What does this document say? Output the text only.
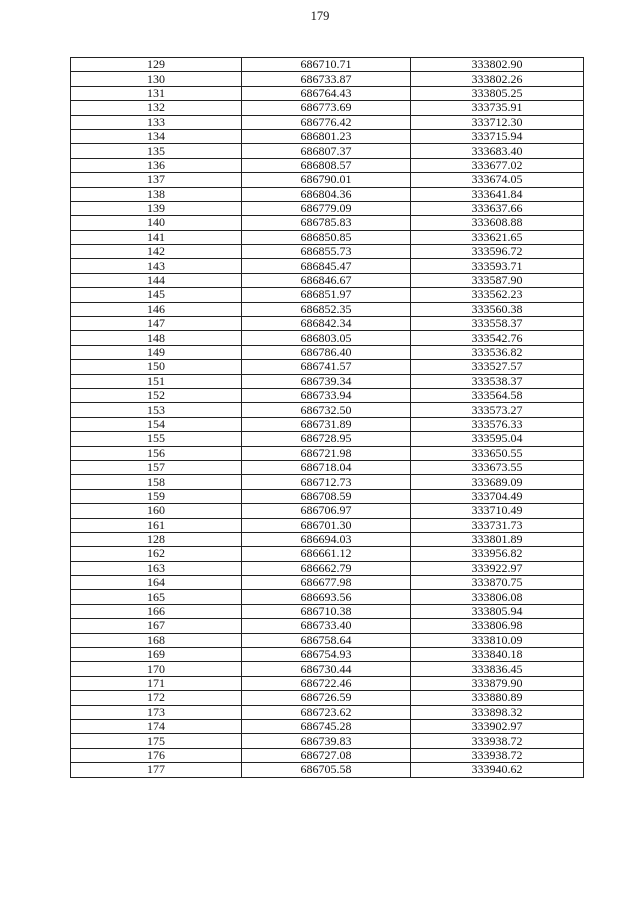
179
129	686710.71	333802.90
130	686733.87	333802.26
131	686764.43	333805.25
132	686773.69	333735.91
133	686776.42	333712.30
134	686801.23	333715.94
135	686807.37	333683.40
136	686808.57	333677.02
137	686790.01	333674.05
138	686804.36	333641.84
139	686779.09	333637.66
140	686785.83	333608.88
141	686850.85	333621.65
142	686855.73	333596.72
143	686845.47	333593.71
144	686846.67	333587.90
145	686851.97	333562.23
146	686852.35	333560.38
147	686842.34	333558.37
148	686803.05	333542.76
149	686786.40	333536.82
150	686741.57	333527.57
151	686739.34	333538.37
152	686733.94	333564.58
153	686732.50	333573.27
154	686731.89	333576.33
155	686728.95	333595.04
156	686721.98	333650.55
157	686718.04	333673.55
158	686712.73	333689.09
159	686708.59	333704.49
160	686706.97	333710.49
161	686701.30	333731.73
128	686694.03	333801.89
162	686661.12	333956.82
163	686662.79	333922.97
164	686677.98	333870.75
165	686693.56	333806.08
166	686710.38	333805.94
167	686733.40	333806.98
168	686758.64	333810.09
169	686754.93	333840.18
170	686730.44	333836.45
171	686722.46	333879.90
172	686726.59	333880.89
173	686723.62	333898.32
174	686745.28	333902.97
175	686739.83	333938.72
176	686727.08	333938.72
177	686705.58	333940.62
